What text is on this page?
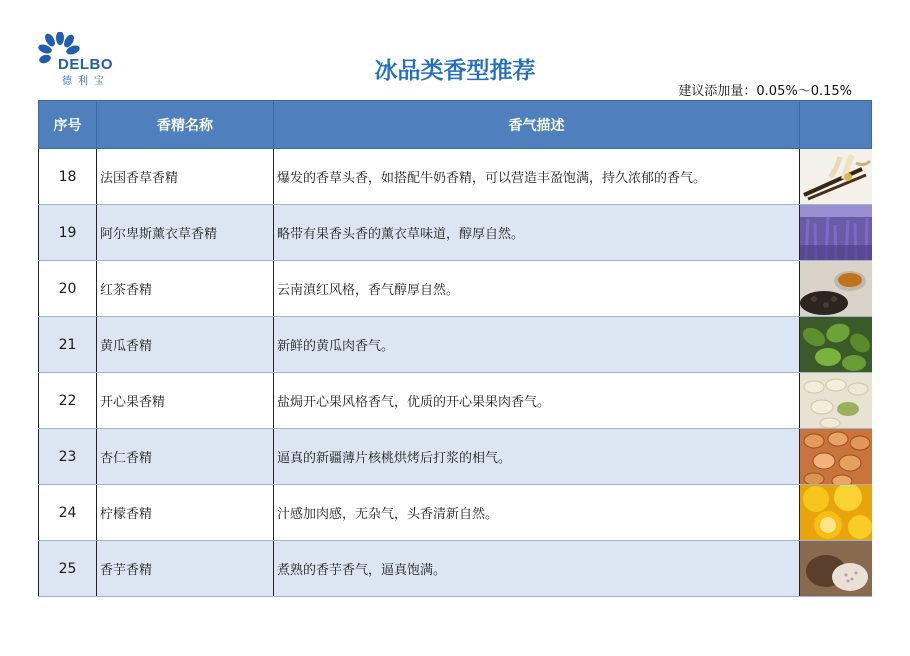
DELBO
德利宝	冰品类香型推荐
建议添加量：0.05%～0.15%
序号	香精名称	香气描述	
18	法国香草香精	爆发的香草头香，如搭配牛奶香精，可以营造丰盈饱满，持久浓郁的香气。	

19	阿尔卑斯薰衣草香精	略带有果香头香的薰衣草味道，醇厚自然。	

20	红茶香精	云南滇红风格，香气醇厚自然。	

21	黄瓜香精	新鲜的黄瓜肉香气。	

22	开心果香精	盐焗开心果风格香气，优质的开心果果肉香气。	

23	杏仁香精	逼真的新疆薄片核桃烘烤后打浆的相气。	

24	柠檬香精	汁感加肉感，无杂气，头香清新自然。	

25	香芋香精	煮熟的香芋香气，逼真饱满。	
